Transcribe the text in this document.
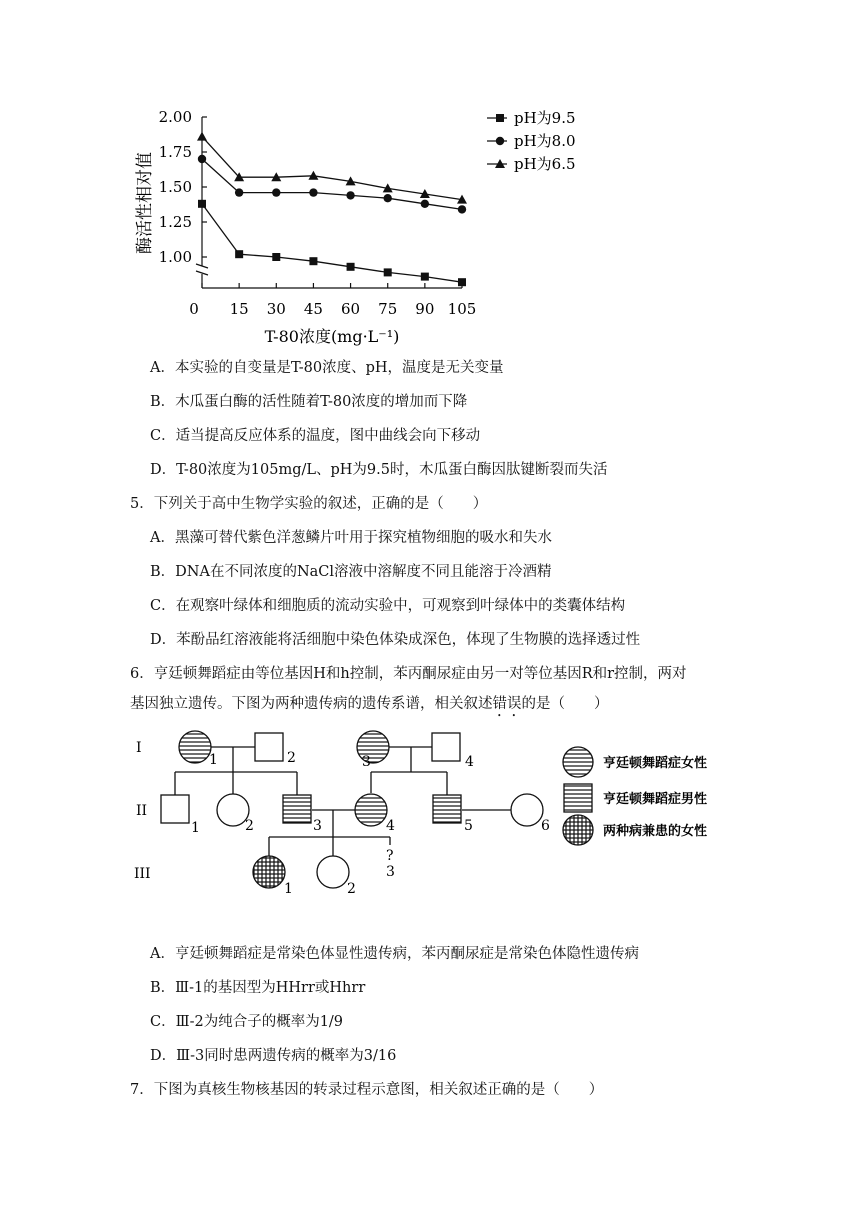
2.00
1.75
1.50
1.25
1.00
0 15 30 45 60 75 90 105
酶活性相对值
T-80浓度(mg·L⁻¹)
pH为9.5
pH为8.0
pH为6.5
A．本实验的自变量是T-80浓度、pH，温度是无关变量
B．木瓜蛋白酶的活性随着T-80浓度的增加而下降
C．适当提高反应体系的温度，图中曲线会向下移动
D．T-80浓度为105mg/L、pH为9.5时，木瓜蛋白酶因肽键断裂而失活
5．下列关于高中生物学实验的叙述，正确的是（　　）
A．黑藻可替代紫色洋葱鳞片叶用于探究植物细胞的吸水和失水
B．DNA在不同浓度的NaCl溶液中溶解度不同且能溶于冷酒精
C．在观察叶绿体和细胞质的流动实验中，可观察到叶绿体中的类囊体结构
D．苯酚品红溶液能将活细胞中染色体染成深色，体现了生物膜的选择透过性
6．亨廷顿舞蹈症由等位基因H和h控制，苯丙酮尿症由另一对等位基因R和r控制，两对
基因独立遗传。下图为两种遗传病的遗传系谱，相关叙述错误的是（　　）
I
II
III
1	2	3	4
1	2	3	4	5	6
1	2
?
3
亨廷顿舞蹈症女性
亨廷顿舞蹈症男性
两种病兼患的女性
A．亨廷顿舞蹈症是常染色体显性遗传病，苯丙酮尿症是常染色体隐性遗传病
B．Ⅲ-1的基因型为HHrr或Hhrr
C．Ⅲ-2为纯合子的概率为1/9
D．Ⅲ-3同时患两遗传病的概率为3/16
7．下图为真核生物核基因的转录过程示意图，相关叙述正确的是（　　）
